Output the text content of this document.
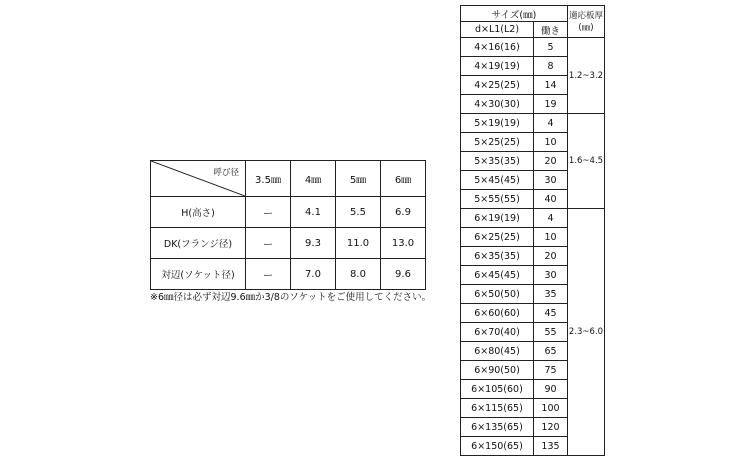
呼び径	3.5㎜	4㎜	5㎜	6㎜
H(高さ)	ー	4.1	5.5	6.9
DK(フランジ径)	ー	9.3	11.0	13.0
対辺(ソケット径)	ー	7.0	8.0	9.6
※6㎜径は必ず対辺9.6㎜か3/8のソケットをご使用してください。
サイズ(㎜)		適応板厚 (㎜)
d×L1(L2)	働き	
4×16(16)	5	1.2~3.2
4×19(19)	8	
4×25(25)	14	
4×30(30)	19	
5×19(19)	4	1.6~4.5
5×25(25)	10	
5×35(35)	20	
5×45(45)	30	
5×55(55)	40	
6×19(19)	4	2.3~6.0
6×25(25)	10	
6×35(35)	20	
6×45(45)	30	
6×50(50)	35	
6×60(60)	45	
6×70(40)	55	
6×80(45)	65	
6×90(50)	75	
6×105(60)	90	
6×115(65)	100	
6×135(65)	120	
6×150(65)	135	
